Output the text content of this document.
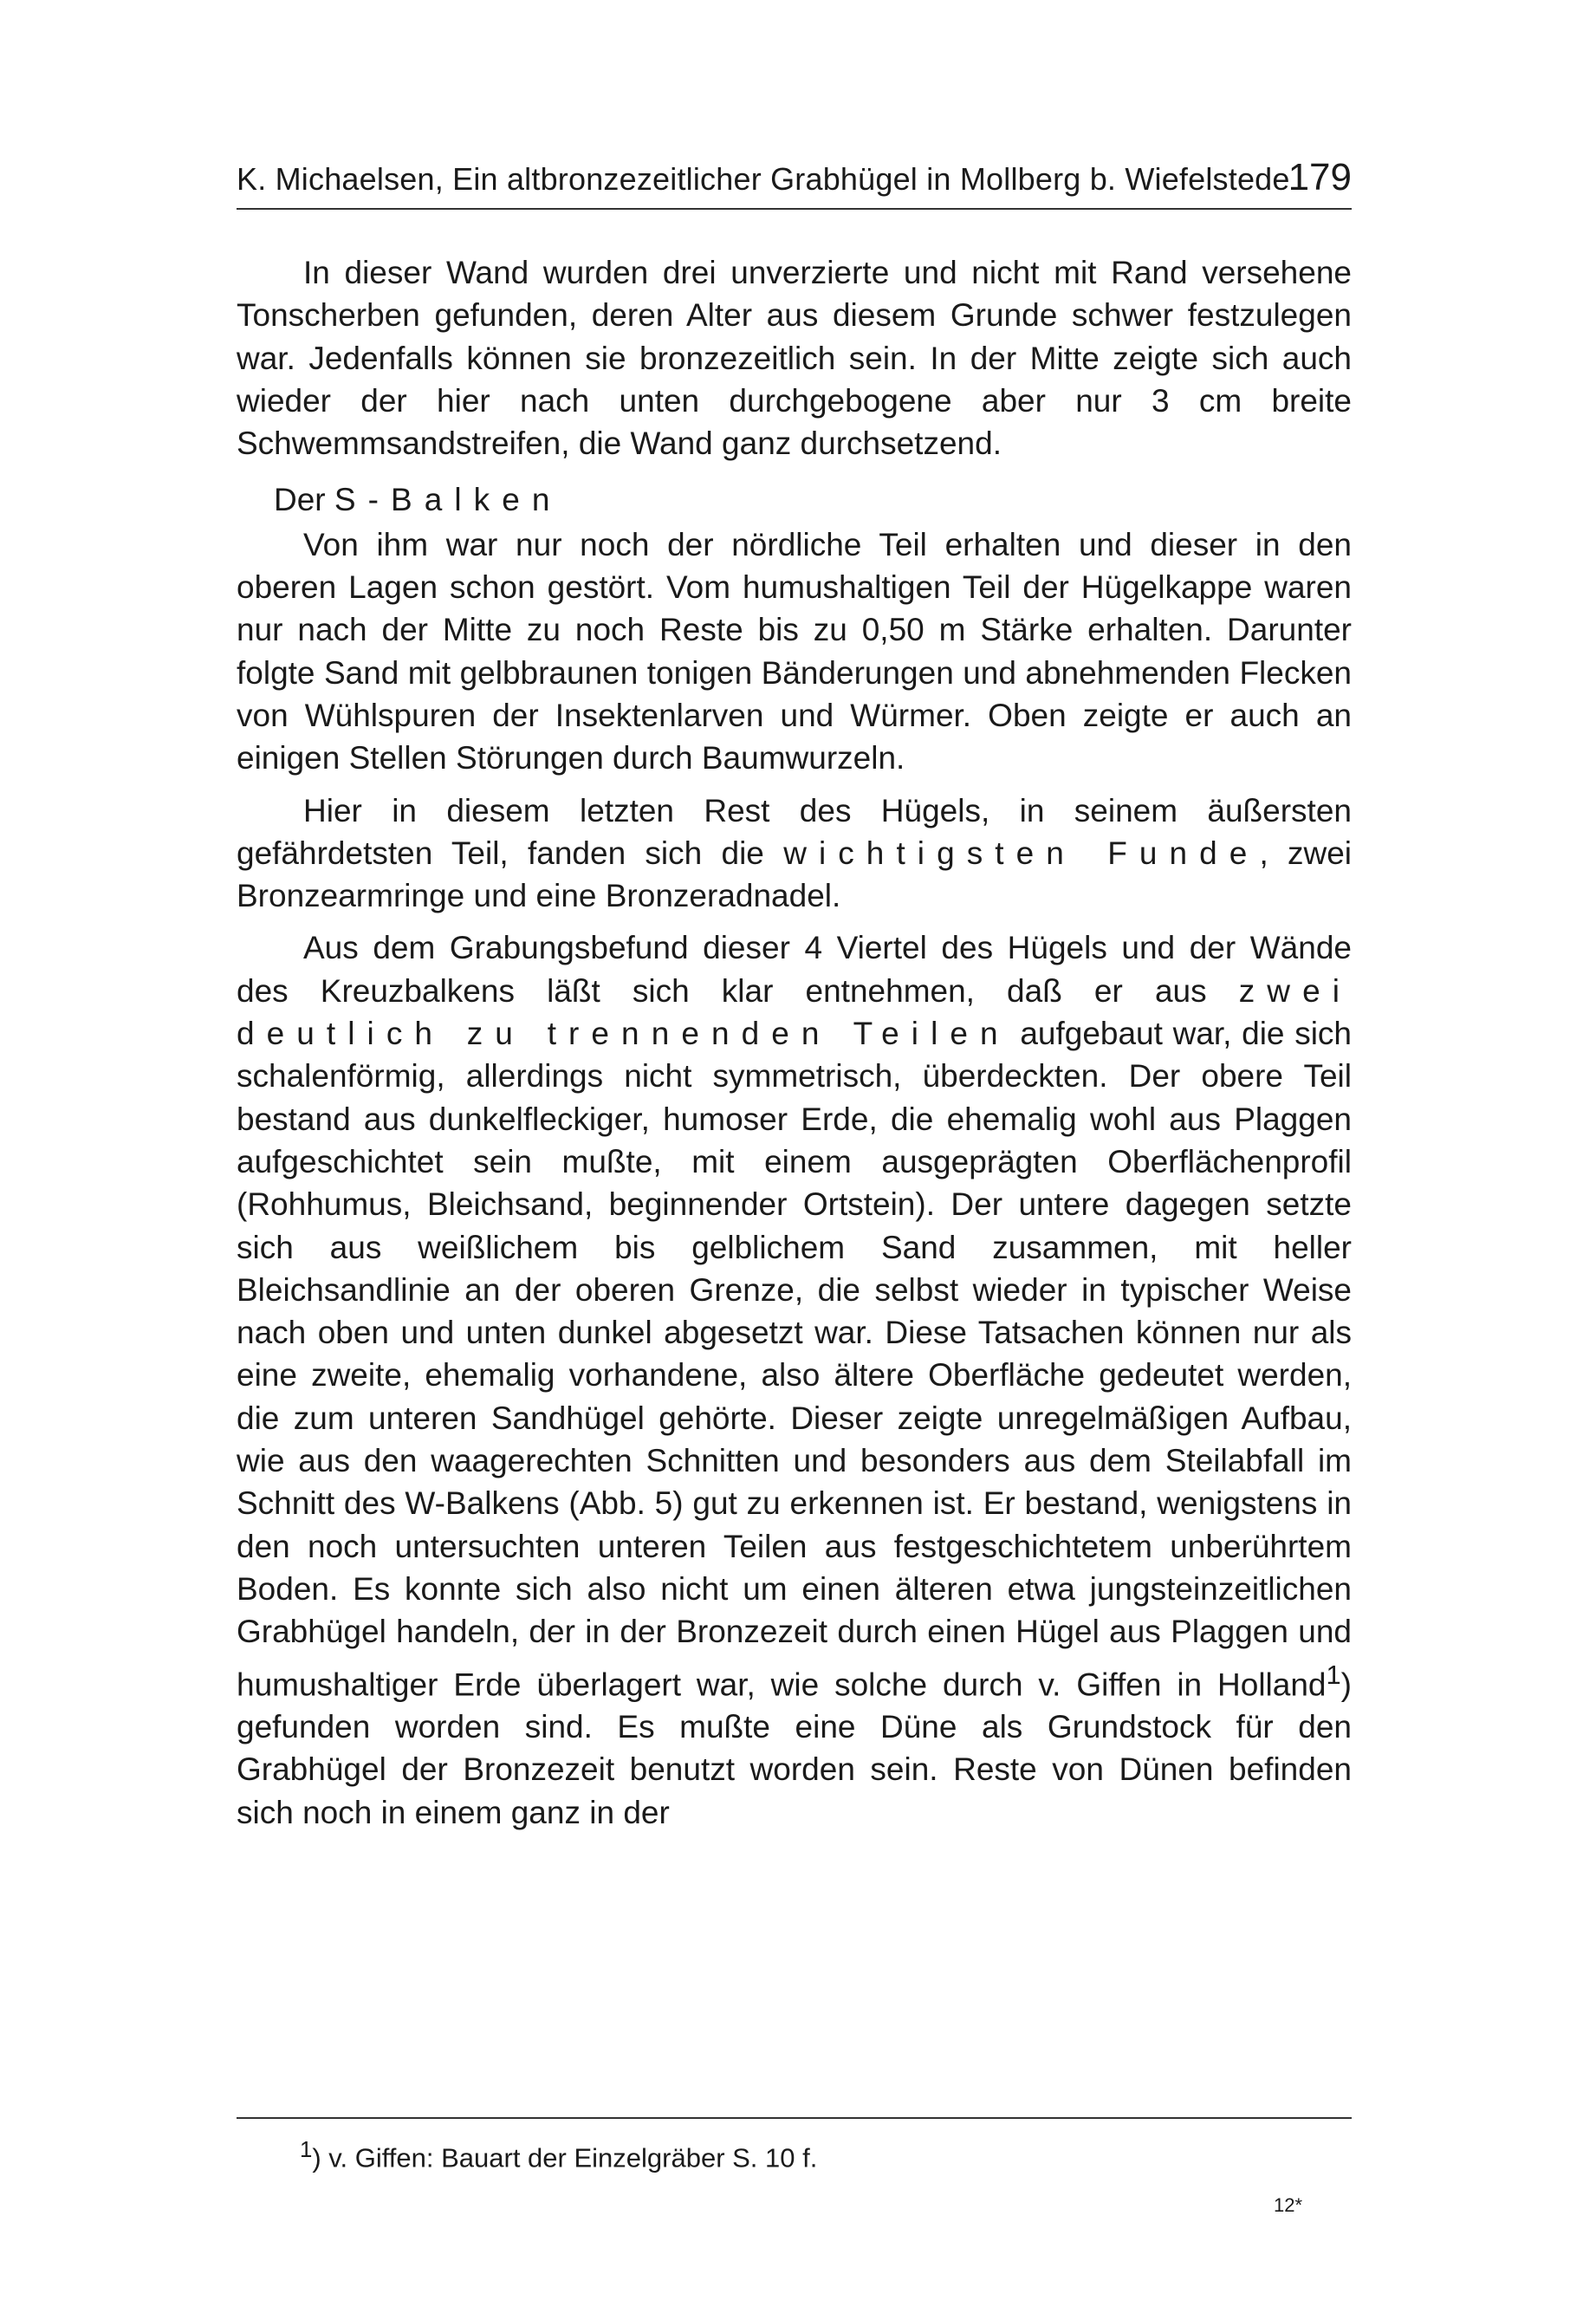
K. Michaelsen, Ein altbronzezeitlicher Grabhügel in Mollberg b. Wiefelstede
179

In dieser Wand wurden drei unverzierte und nicht mit Rand versehene Tonscherben gefunden, deren Alter aus diesem Grunde schwer festzulegen war. Jedenfalls können sie bronzezeitlich sein. In der Mitte zeigte sich auch wieder der hier nach unten durchgebogene aber nur 3 cm breite Schwemmsandstreifen, die Wand ganz durchsetzend.

Der S-Balken

Von ihm war nur noch der nördliche Teil erhalten und dieser in den oberen Lagen schon gestört. Vom humushaltigen Teil der Hügelkappe waren nur nach der Mitte zu noch Reste bis zu 0,50 m Stärke erhalten. Darunter folgte Sand mit gelbbraunen tonigen Bänderungen und abnehmenden Flecken von Wühlspuren der Insektenlarven und Würmer. Oben zeigte er auch an einigen Stellen Störungen durch Baumwurzeln.

Hier in diesem letzten Rest des Hügels, in seinem äußersten gefährdetsten Teil, fanden sich die wichtigsten Funde, zwei Bronzearmringe und eine Bronzeradnadel.

Aus dem Grabungsbefund dieser 4 Viertel des Hügels und der Wände des Kreuzbalkens läßt sich klar entnehmen, daß er aus zwei deutlich zu trennenden Teilen aufgebaut war, die sich schalenförmig, allerdings nicht symmetrisch, überdeckten. Der obere Teil bestand aus dunkelfleckiger, humoser Erde, die ehemalig wohl aus Plaggen aufgeschichtet sein mußte, mit einem ausgeprägten Oberflächenprofil (Rohhumus, Bleichsand, beginnender Ortstein). Der untere dagegen setzte sich aus weißlichem bis gelblichem Sand zusammen, mit heller Bleichsandlinie an der oberen Grenze, die selbst wieder in typischer Weise nach oben und unten dunkel abgesetzt war. Diese Tatsachen können nur als eine zweite, ehemalig vorhandene, also ältere Oberfläche gedeutet werden, die zum unteren Sandhügel gehörte. Dieser zeigte unregelmäßigen Aufbau, wie aus den waagerechten Schnitten und besonders aus dem Steilabfall im Schnitt des W-Balkens (Abb. 5) gut zu erkennen ist. Er bestand, wenigstens in den noch untersuchten unteren Teilen aus festgeschichtetem unberührtem Boden. Es konnte sich also nicht um einen älteren etwa jungsteinzeitlichen Grabhügel handeln, der in der Bronzezeit durch einen Hügel aus Plaggen und humushaltiger Erde überlagert war, wie solche durch v. Giffen in Holland$^1$) gefunden worden sind. Es mußte eine Düne als Grundstock für den Grabhügel der Bronzezeit benutzt worden sein. Reste von Dünen befinden sich noch in einem ganz in der

$^1$) v. Giffen: Bauart der Einzelgräber S. 10 f.
12*
